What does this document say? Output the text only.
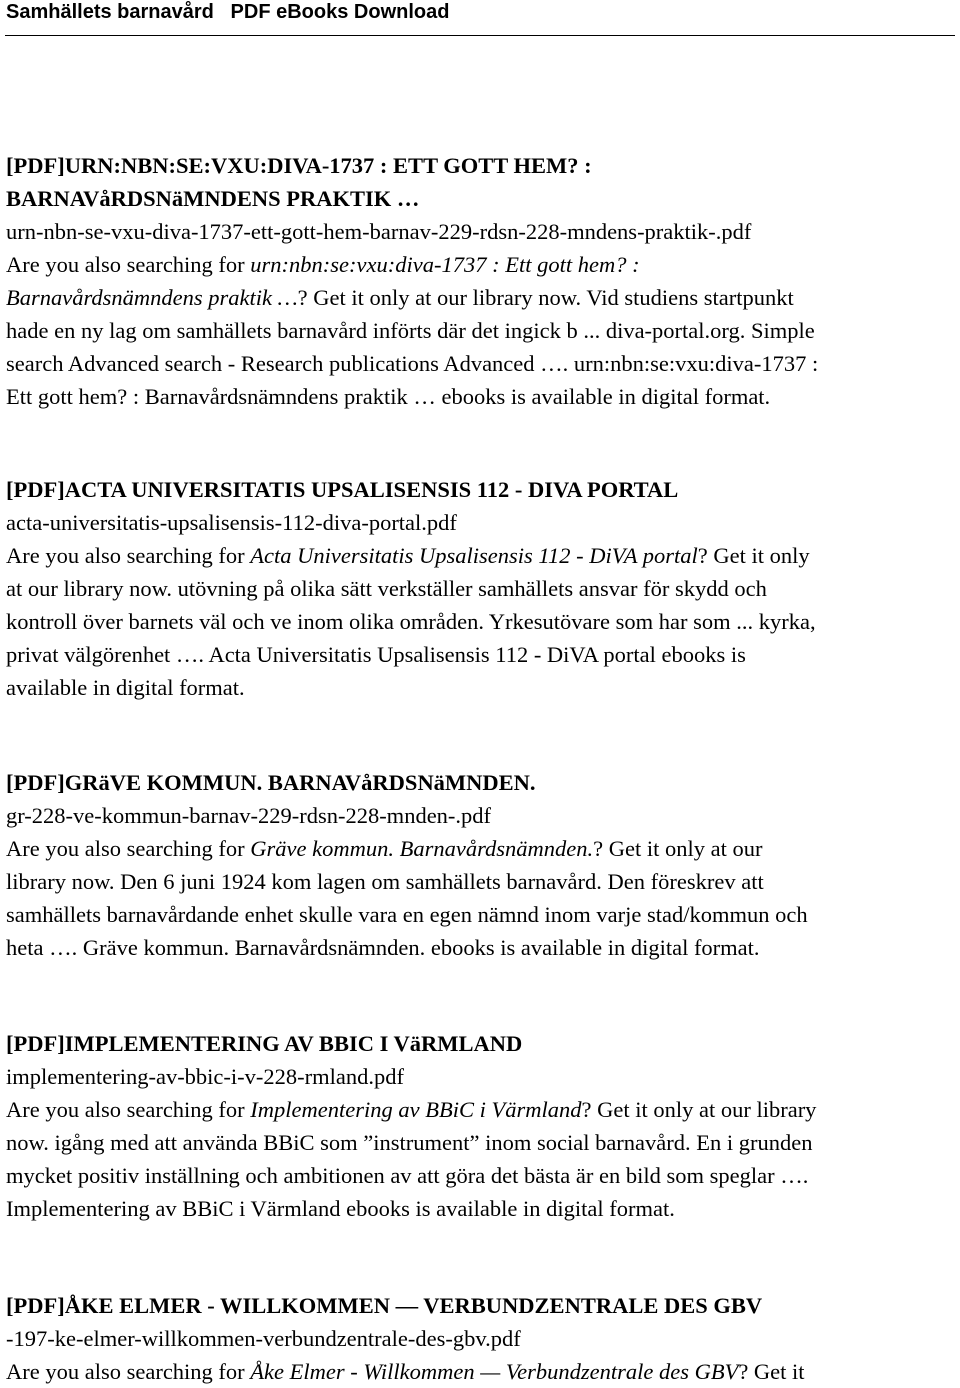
Samhällets barnavård PDF eBooks Download
[PDF]URN:NBN:SE:VXU:DIVA-1737 : ETT GOTT HEM? :
BARNAVåRDSNäMNDENS PRAKTIK …
urn-nbn-se-vxu-diva-1737-ett-gott-hem-barnav-229-rdsn-228-mndens-praktik-.pdf
Are you also searching for urn:nbn:se:vxu:diva-1737 : Ett gott hem? :
Barnavårdsnämndens praktik …? Get it only at our library now. Vid studiens startpunkt
hade en ny lag om samhällets barnavård införts där det ingick b ... diva-portal.org. Simple
search Advanced search - Research publications Advanced …. urn:nbn:se:vxu:diva-1737 :
Ett gott hem? : Barnavårdsnämndens praktik … ebooks is available in digital format.
[PDF]ACTA UNIVERSITATIS UPSALISENSIS 112 - DIVA PORTAL
acta-universitatis-upsalisensis-112-diva-portal.pdf
Are you also searching for Acta Universitatis Upsalisensis 112 - DiVA portal? Get it only
at our library now. utövning på olika sätt verkställer samhällets ansvar för skydd och
kontroll över barnets väl och ve inom olika områden. Yrkesutövare som har som ... kyrka,
privat välgörenhet …. Acta Universitatis Upsalisensis 112 - DiVA portal ebooks is
available in digital format.
[PDF]GRäVE KOMMUN. BARNAVåRDSNäMNDEN.
gr-228-ve-kommun-barnav-229-rdsn-228-mnden-.pdf
Are you also searching for Gräve kommun. Barnavårdsnämnden.? Get it only at our
library now. Den 6 juni 1924 kom lagen om samhällets barnavård. Den föreskrev att
samhällets barnavårdande enhet skulle vara en egen nämnd inom varje stad/kommun och
heta …. Gräve kommun. Barnavårdsnämnden. ebooks is available in digital format.
[PDF]IMPLEMENTERING AV BBIC I VäRMLAND
implementering-av-bbic-i-v-228-rmland.pdf
Are you also searching for Implementering av BBiC i Värmland? Get it only at our library
now. igång med att använda BBiC som ”instrument” inom social barnavård. En i grunden
mycket positiv inställning och ambitionen av att göra det bästa är en bild som speglar ….
Implementering av BBiC i Värmland ebooks is available in digital format.
[PDF]ÅKE ELMER - WILLKOMMEN — VERBUNDZENTRALE DES GBV
-197-ke-elmer-willkommen-verbundzentrale-des-gbv.pdf
Are you also searching for Åke Elmer - Willkommen — Verbundzentrale des GBV? Get it
